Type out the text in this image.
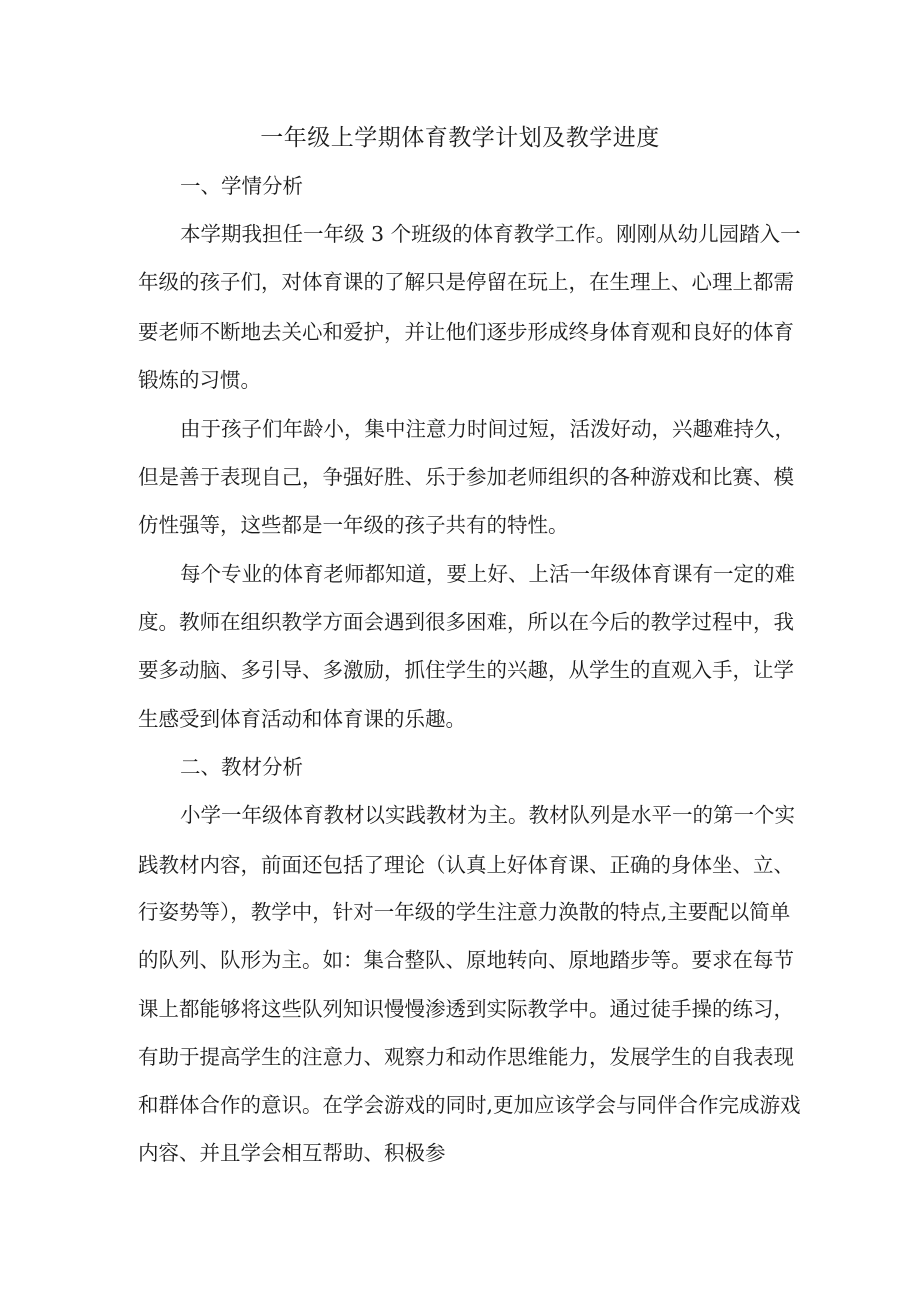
一年级上学期体育教学计划及教学进度
一、学情分析
本学期我担任一年级 3 个班级的体育教学工作。刚刚从幼儿园踏入一
年级的孩子们，对体育课的了解只是停留在玩上，在生理上、心理上都需
要老师不断地去关心和爱护，并让他们逐步形成终身体育观和良好的体育
锻炼的习惯。
由于孩子们年龄小，集中注意力时间过短，活泼好动，兴趣难持久，
但是善于表现自己，争强好胜、乐于参加老师组织的各种游戏和比赛、模
仿性强等，这些都是一年级的孩子共有的特性。
每个专业的体育老师都知道，要上好、上活一年级体育课有一定的难
度。教师在组织教学方面会遇到很多困难，所以在今后的教学过程中，我
要多动脑、多引导、多激励，抓住学生的兴趣，从学生的直观入手，让学
生感受到体育活动和体育课的乐趣。
二、教材分析
小学一年级体育教材以实践教材为主。教材队列是水平一的第一个实
践教材内容，前面还包括了理论（认真上好体育课、正确的身体坐、立、
行姿势等），教学中，针对一年级的学生注意力涣散的特点,主要配以简单
的队列、队形为主。如：集合整队、原地转向、原地踏步等。要求在每节
课上都能够将这些队列知识慢慢渗透到实际教学中。通过徒手操的练习，
有助于提高学生的注意力、观察力和动作思维能力，发展学生的自我表现
和群体合作的意识。在学会游戏的同时,更加应该学会与同伴合作完成游戏
内容、并且学会相互帮助、积极参
